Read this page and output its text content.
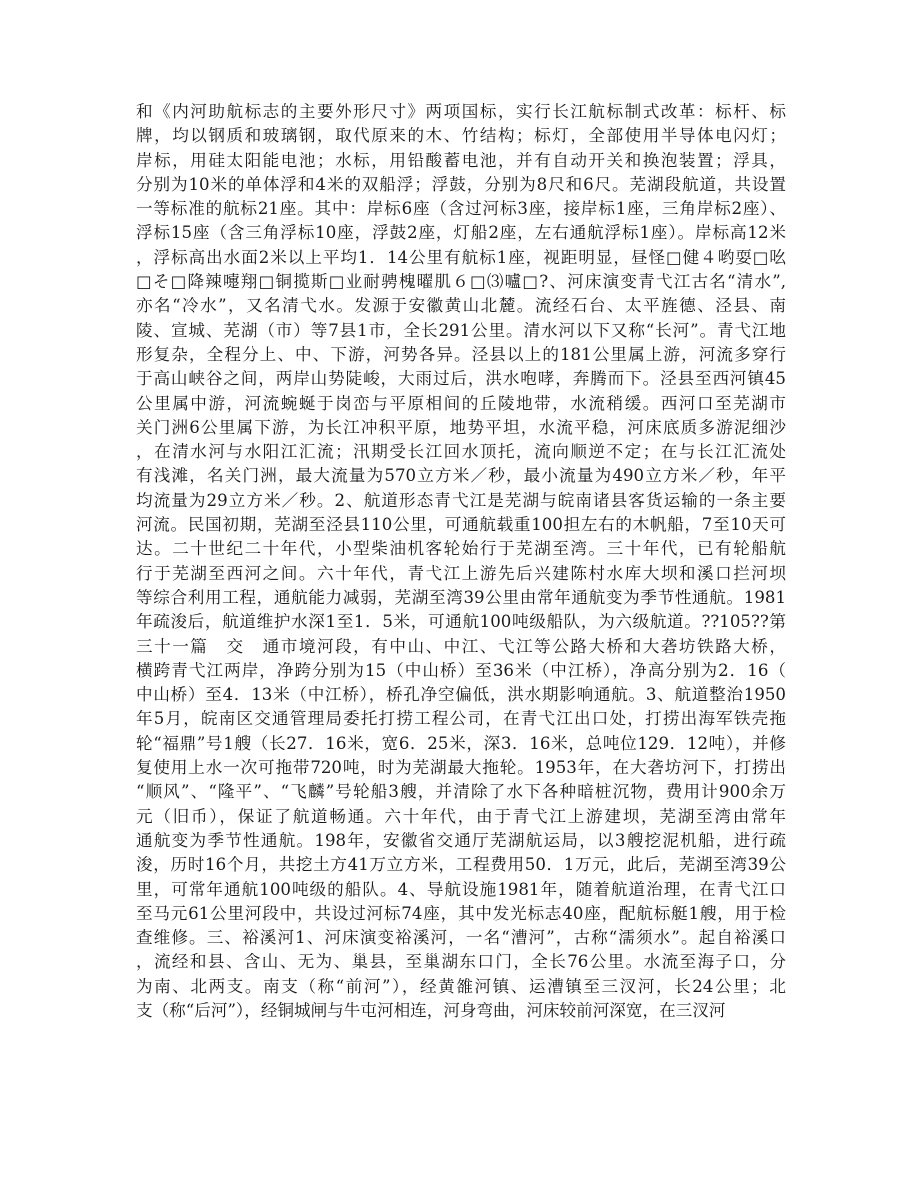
和《内河助航标志的主要外形尺寸》两项国标，实行长江航标制式改革：标杆、标
牌，均以钢质和玻璃钢，取代原来的木、竹结构；标灯，全部使用半导体电闪灯；
岸标，用硅太阳能电池；水标，用铅酸蓄电池，并有自动开关和换泡装置；浮具，
分别为10米的单体浮和4米的双船浮；浮鼓，分别为8尺和6尺。芜湖段航道，共设置
一等标准的航标21座。其中：岸标6座（含过河标3座，接岸标1座，三角岸标2座）、
浮标15座（含三角浮标10座，浮鼓2座，灯船2座，左右通航浮标1座）。岸标高12米
，浮标高出水面2米以上平均1．14公里有航标1座，视距明显，昼怪□健４哟耍□吆
□そ□降辣嚏翔□铜揽斯□业耐骋槐曜肌６□⑶嚧□?、河床演变青弋江古名“清水”,
亦名“冷水”，又名清弋水。发源于安徽黄山北麓。流经石台、太平旌德、泾县、南
陵、宣城、芜湖（市）等7县1市，全长291公里。清水河以下又称“长河”。青弋江地
形复杂，全程分上、中、下游，河势各异。泾县以上的181公里属上游，河流多穿行
于高山峡谷之间，两岸山势陡峻，大雨过后，洪水咆哮，奔腾而下。泾县至西河镇45
公里属中游，河流蜿蜒于岗峦与平原相间的丘陵地带，水流稍缓。西河口至芜湖市
关门洲6公里属下游，为长江冲积平原，地势平坦，水流平稳，河床底质多游泥细沙
，在清水河与水阳江汇流；汛期受长江回水顶托，流向顺逆不定；在与长江汇流处
有浅滩，名关门洲，最大流量为570立方米／秒，最小流量为490立方米／秒，年平
均流量为29立方米／秒。2、航道形态青弋江是芜湖与皖南诸县客货运输的一条主要
河流。民国初期，芜湖至泾县110公里，可通航载重100担左右的木帆船，7至10天可
达。二十世纪二十年代，小型柴油机客轮始行于芜湖至湾。三十年代，已有轮船航
行于芜湖至西河之间。六十年代，青弋江上游先后兴建陈村水库大坝和溪口拦河坝
等综合利用工程，通航能力减弱，芜湖至湾39公里由常年通航变为季节性通航。1981
年疏浚后，航道维护水深1至1．5米，可通航100吨级船队，为六级航道。??105??第
三十一篇　交　通市境河段，有中山、中江、弋江等公路大桥和大砻坊铁路大桥，
横跨青弋江两岸，净跨分别为15（中山桥）至36米（中江桥），净高分别为2．16（
中山桥）至4．13米（中江桥），桥孔净空偏低，洪水期影响通航。3、航道整治1950
年5月，皖南区交通管理局委托打捞工程公司，在青弋江出口处，打捞出海军铁壳拖
轮“福鼎”号1艘（长27．16米，宽6．25米，深3．16米，总吨位129．12吨），并修
复使用上水一次可拖带720吨，时为芜湖最大拖轮。1953年，在大砻坊河下，打捞出
“顺风”、“隆平”、“飞麟”号轮船3艘，并清除了水下各种暗桩沉物，费用计900余万
元（旧币），保证了航道畅通。六十年代，由于青弋江上游建坝，芜湖至湾由常年
通航变为季节性通航。198年，安徽省交通厅芜湖航运局，以3艘挖泥机船，进行疏
浚，历时16个月，共挖土方41万立方米，工程费用50．1万元，此后，芜湖至湾39公
里，可常年通航100吨级的船队。4、导航设施1981年，随着航道治理，在青弋江口
至马元61公里河段中，共设过河标74座，其中发光标志40座，配航标艇1艘，用于检
查维修。三、裕溪河1、河床演变裕溪河，一名“漕河”，古称“濡须水”。起自裕溪口
，流经和县、含山、无为、巢县，至巢湖东口门，全长76公里。水流至海子口，分
为南、北两支。南支（称“前河”），经黄雒河镇、运漕镇至三汊河，长24公里；北
支（称“后河”），经铜城闸与牛屯河相连，河身弯曲，河床较前河深宽，在三汊河
